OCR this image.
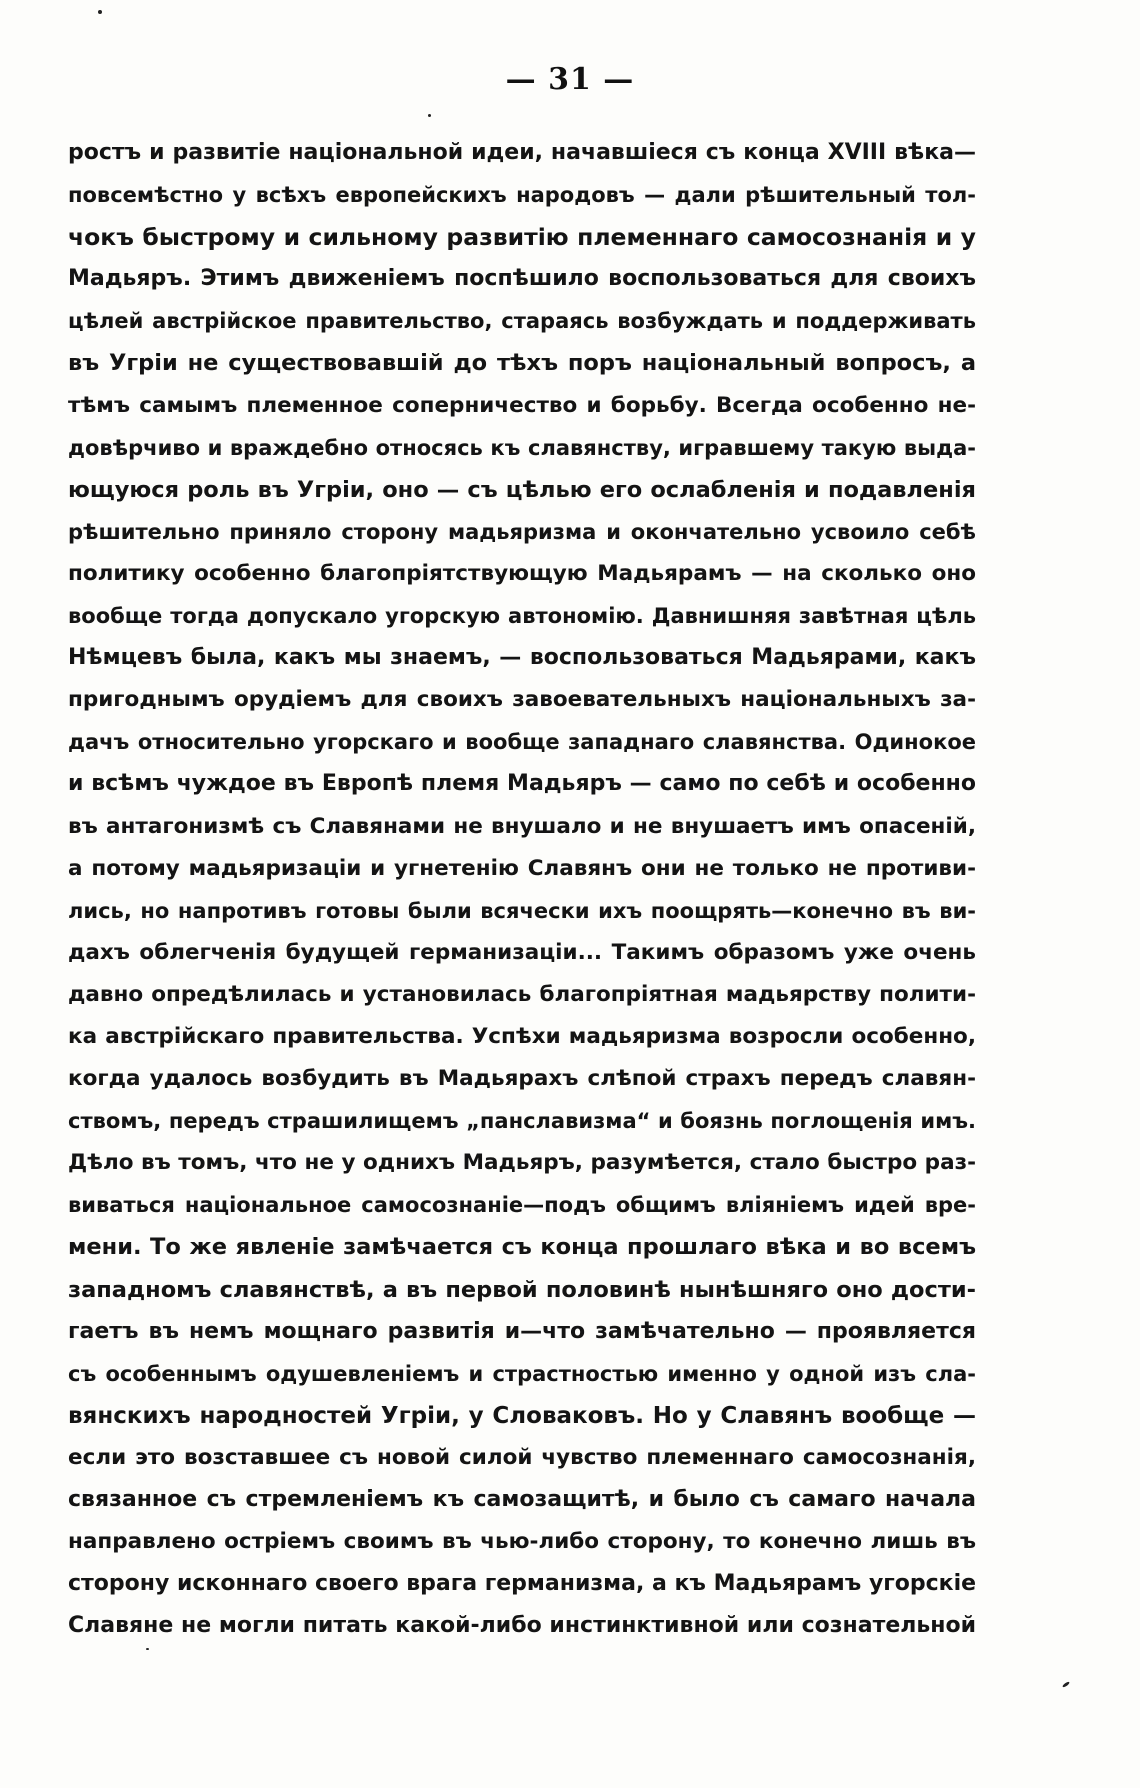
— 31 —
ростъ и развитіе національной идеи, начавшіеся съ конца XVIII вѣка—
повсемѣстно у всѣхъ европейскихъ народовъ — дали рѣшительный тол-
чокъ быстрому и сильному развитію племеннаго самосознанія и у
Мадьяръ. Этимъ движеніемъ поспѣшило воспользоваться для своихъ
цѣлей австрійское правительство, стараясь возбуждать и поддерживать
въ Угріи не существовавшій до тѣхъ поръ національный вопросъ, а
тѣмъ самымъ племенное соперничество и борьбу. Всегда особенно не-
довѣрчиво и враждебно относясь къ славянству, игравшему такую выда-
ющуюся роль въ Угріи, оно — съ цѣлью его ослабленія и подавленія
рѣшительно приняло сторону мадьяризма и окончательно усвоило себѣ
политику особенно благопріятствующую Мадьярамъ — на сколько оно
вообще тогда допускало угорскую автономію. Давнишняя завѣтная цѣль
Нѣмцевъ была, какъ мы знаемъ, — воспользоваться Мадьярами, какъ
пригоднымъ орудіемъ для своихъ завоевательныхъ національныхъ за-
дачъ относительно угорскаго и вообще западнаго славянства. Одинокое
и всѣмъ чуждое въ Европѣ племя Мадьяръ — само по себѣ и особенно
въ антагонизмѣ съ Славянами не внушало и не внушаетъ имъ опасеній,
а потому мадьяризаціи и угнетенію Славянъ они не только не противи-
лись, но напротивъ готовы были всячески ихъ поощрять—конечно въ ви-
дахъ облегченія будущей германизаціи... Такимъ образомъ уже очень
давно опредѣлилась и установилась благопріятная мадьярству полити-
ка австрійскаго правительства. Успѣхи мадьяризма возросли особенно,
когда удалось возбудить въ Мадьярахъ слѣпой страхъ передъ славян-
ствомъ, передъ страшилищемъ „панславизма“ и боязнь поглощенія имъ.
Дѣло въ томъ, что не у однихъ Мадьяръ, разумѣется, стало быстро раз-
виваться національное самосознаніе—подъ общимъ вліяніемъ идей вре-
мени. То же явленіе замѣчается съ конца прошлаго вѣка и во всемъ
западномъ славянствѣ, а въ первой половинѣ нынѣшняго оно дости-
гаетъ въ немъ мощнаго развитія и—что замѣчательно — проявляется
съ особеннымъ одушевленіемъ и страстностью именно у одной изъ сла-
вянскихъ народностей Угріи, у Словаковъ. Но у Славянъ вообще —
если это возставшее съ новой силой чувство племеннаго самосознанія,
связанное съ стремленіемъ къ самозащитѣ, и было съ самаго начала
направлено остріемъ своимъ въ чью-либо сторону, то конечно лишь въ
сторону исконнаго своего врага германизма, а къ Мадьярамъ угорскіе
Славяне не могли питать какой-либо инстинктивной или сознательной
